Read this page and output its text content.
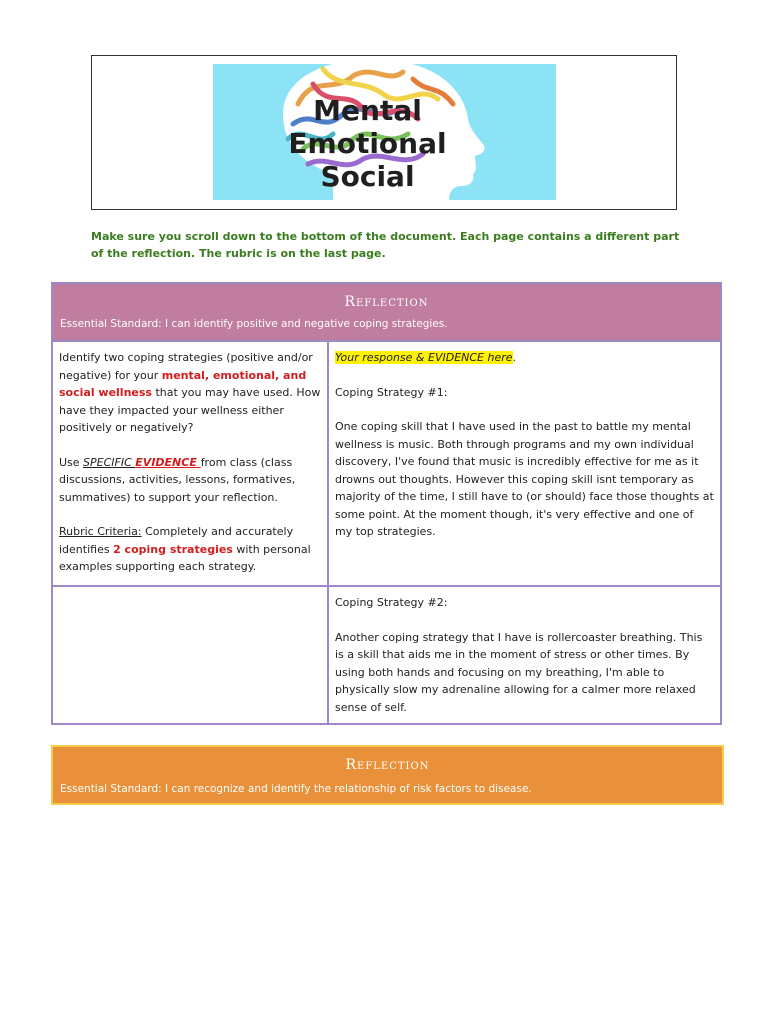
Mental
Emotional
Social
Make sure you scroll down to the bottom of the document. Each page contains a different part
of the reflection. The rubric is on the last page.
Reflection
Essential Standard: I can identify positive and negative coping strategies.

Identify two coping strategies (positive and/or negative) for your mental, emotional, and social wellness that you may have used. How have they impacted your wellness either positively or negatively?

Use SPECIFIC EVIDENCE from class (class discussions, activities, lessons, formatives, summatives) to support your reflection.

Rubric Criteria: Completely and accurately identifies 2 coping strategies with personal examples supporting each strategy.

Your response & EVIDENCE here.

Coping Strategy #1:

One coping skill that I have used in the past to battle my mental wellness is music. Both through programs and my own individual discovery, I've found that music is incredibly effective for me as it drowns out thoughts. However this coping skill isnt temporary as majority of the time, I still have to (or should) face those thoughts at some point. At the moment though, it's very effective and one of my top strategies.

Coping Strategy #2:

Another coping strategy that I have is rollercoaster breathing. This is a skill that aids me in the moment of stress or other times. By using both hands and focusing on my breathing, I'm able to physically slow my adrenaline allowing for a calmer more relaxed sense of self.

Reflection
Essential Standard: I can recognize and identify the relationship of risk factors to disease.
